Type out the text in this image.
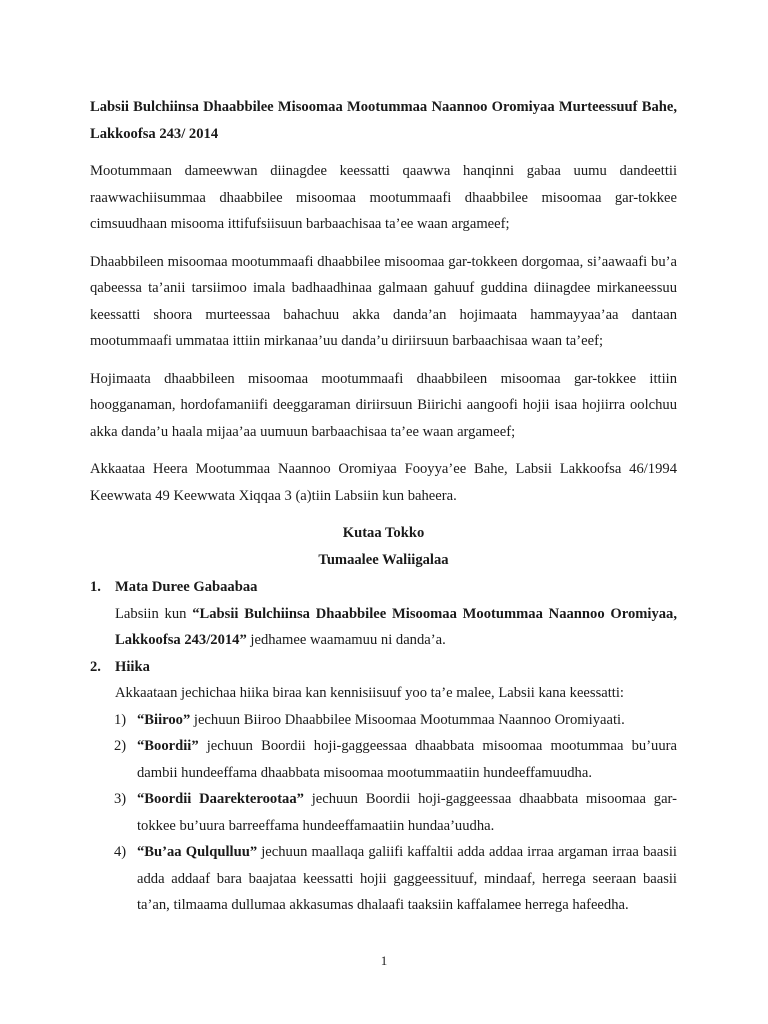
Labsii Bulchiinsa Dhaabbilee Misoomaa Mootummaa Naannoo Oromiyaa Murteessuuf Bahe, Lakkoofsa 243/ 2014

Mootummaan dameewwan diinagdee keessatti qaawwa hanqinni gabaa uumu dandeettii raawwachiisummaa dhaabbilee misoomaa mootummaafi dhaabbilee misoomaa gar-tokkee cimsuudhaan misooma ittifufsiisuun barbaachisaa ta’ee waan argameef;

Dhaabbileen misoomaa mootummaafi dhaabbilee misoomaa gar-tokkeen dorgomaa, si’aawaafi bu’a qabeessa ta’anii tarsiimoo imala badhaadhinaa galmaan gahuuf guddina diinagdee mirkaneessuu keessatti shoora murteessaa bahachuu akka danda’an hojimaata hammayyaa’aa dantaan mootummaafi ummataa ittiin mirkanaa’uu danda’u diriirsuun barbaachisaa waan ta’eef;

Hojimaata dhaabbileen misoomaa mootummaafi dhaabbileen misoomaa gar-tokkee ittiin hoogganaman, hordofamaniifi deeggaraman diriirsuun Biirichi aangoofi hojii isaa hojiirra oolchuu akka danda’u haala mijaa’aa uumuun barbaachisaa ta’ee waan argameef;

Akkaataa Heera Mootummaa Naannoo Oromiyaa Fooyya’ee Bahe, Labsii Lakkoofsa 46/1994 Keewwata 49 Keewwata Xiqqaa 3 (a)tiin Labsiin kun baheera.

Kutaa Tokko

Tumaalee Waliigalaa

1. Mata Duree Gabaabaa

Labsiin kun “Labsii Bulchiinsa Dhaabbilee Misoomaa Mootummaa Naannoo Oromiyaa, Lakkoofsa 243/2014” jedhamee waamamuu ni danda’a.

2. Hiika

Akkaataan jechichaa hiika biraa kan kennisiisuuf yoo ta’e malee, Labsii kana keessatti:

1) “Biiroo” jechuun Biiroo Dhaabbilee Misoomaa Mootummaa Naannoo Oromiyaati.

2) “Boordii” jechuun Boordii hoji-gaggeessaa dhaabbata misoomaa mootummaa bu’uura dambii hundeeffama dhaabbata misoomaa mootummaatiin hundeeffamuudha.

3) “Boordii Daarekterootaa” jechuun Boordii hoji-gaggeessaa dhaabbata misoomaa gar-tokkee bu’uura barreeffama hundeeffamaatiin hundaa’uudha.

4) “Bu’aa Qulqulluu” jechuun maallaqa galiifi kaffaltii adda addaa irraa argaman irraa baasii adda addaaf bara baajataa keessatti hojii gaggeessituuf, mindaaf, herrega seeraan baasii ta’an, tilmaama dullumaa akkasumas dhalaafi taaksiin kaffalamee herrega hafeedha.

1
